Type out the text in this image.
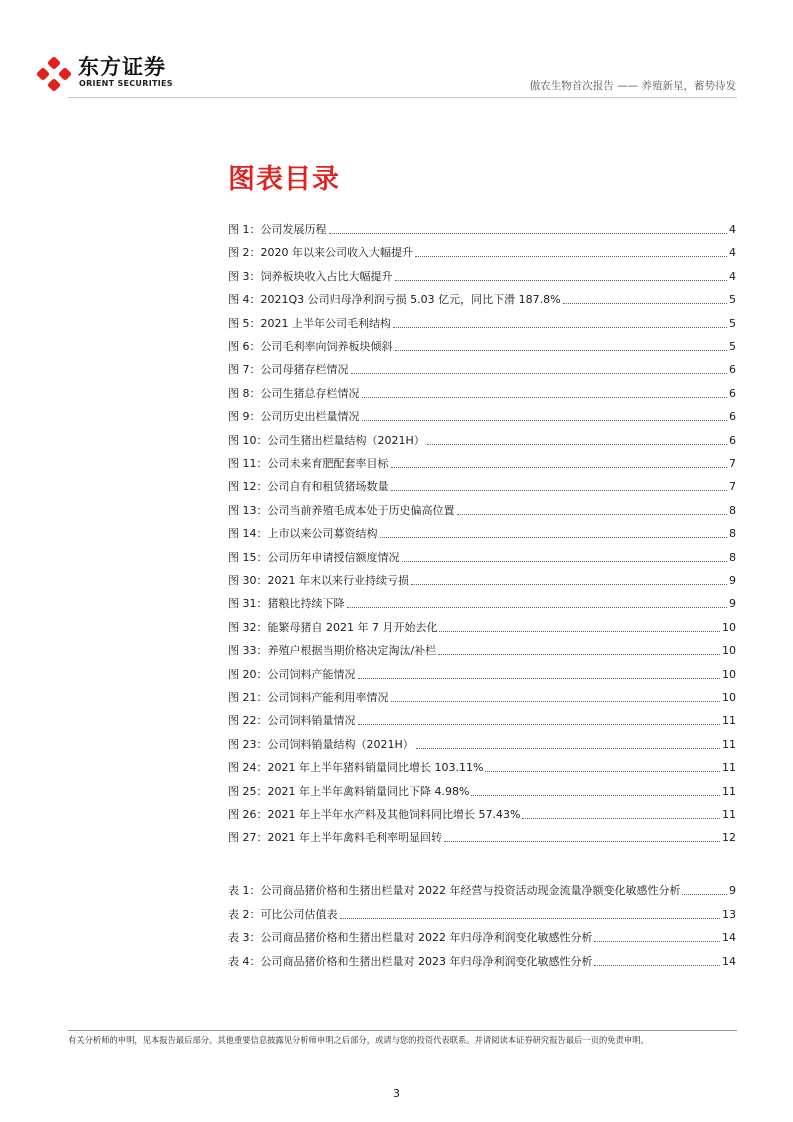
东方证券
ORIENT SECURITIES	傲农生物首次报告 —— 养殖新星，蓄势待发
图表目录
图 1：公司发展历程	4
图 2：2020 年以来公司收入大幅提升	4
图 3：饲养板块收入占比大幅提升	4
图 4：2021Q3 公司归母净利润亏损 5.03 亿元，同比下滑 187.8%	5
图 5：2021 上半年公司毛利结构	5
图 6：公司毛利率向饲养板块倾斜	5
图 7：公司母猪存栏情况	6
图 8：公司生猪总存栏情况	6
图 9：公司历史出栏量情况	6
图 10：公司生猪出栏量结构（2021H）	6
图 11：公司未来育肥配套率目标	7
图 12：公司自有和租赁猪场数量	7
图 13：公司当前养殖毛成本处于历史偏高位置	8
图 14：上市以来公司募资结构	8
图 15：公司历年申请授信额度情况	8
图 30：2021 年末以来行业持续亏损	9
图 31：猪粮比持续下降	9
图 32：能繁母猪自 2021 年 7 月开始去化	10
图 33：养殖户根据当期价格决定淘汰/补栏	10
图 20：公司饲料产能情况	10
图 21：公司饲料产能利用率情况	10
图 22：公司饲料销量情况	11
图 23：公司饲料销量结构（2021H）	11
图 24：2021 年上半年猪料销量同比增长 103.11%	11
图 25：2021 年上半年禽料销量同比下降 4.98%	11
图 26：2021 年上半年水产料及其他饲料同比增长 57.43%	11
图 27：2021 年上半年禽料毛利率明显回转	12
表 1：公司商品猪价格和生猪出栏量对 2022 年经营与投资活动现金流量净额变化敏感性分析	9
表 2：可比公司估值表	13
表 3：公司商品猪价格和生猪出栏量对 2022 年归母净利润变化敏感性分析	14
表 4：公司商品猪价格和生猪出栏量对 2023 年归母净利润变化敏感性分析	14
有关分析师的申明，见本报告最后部分。其他重要信息披露见分析师申明之后部分，或请与您的投资代表联系。并请阅读本证券研究报告最后一页的免责申明。
3
